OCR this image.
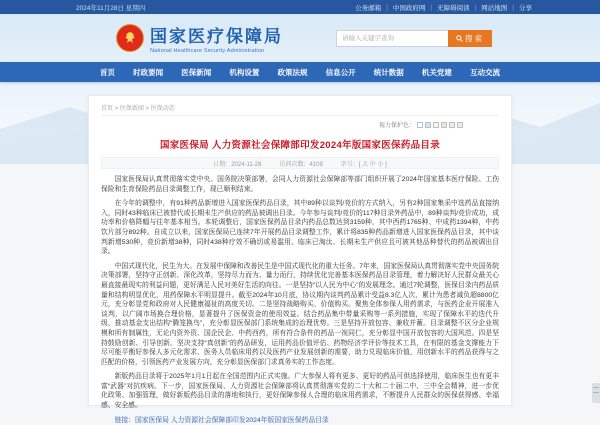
2024年11月28日 星期四	公务邮箱 | 中国政府网 | 无障碍阅读 | 网站地图 | 分享
★ 国家医疗保障局
National Healthcare Security Administration
请输入关键字查询
搜索
首页 时政要闻 医保新闻 机构设置 政策法规 信息公开 统计数据 机关党建 互动交流
首页 > 医保新闻 > 医保动态
视力保护色：
国家医保局 人力资源社会保障部印发2024年版国家医保药品目录
日期：2024-11-28	访问次数：4109	字号：[ 大 中 小 ]

国家医保局认真贯彻落实党中央、国务院决策部署，会同人力资源社会保障部等部门组织开展了2024年国家基本医疗保险、工伤保险和生育保险药品目录调整工作，现已顺利结束。

在今年的调整中，有91种药品新增进入国家医保药品目录，其中89种以谈判/竞价的方式纳入，另有2种国家集采中选药品直接纳入，同时43种临床已被替代或长期未生产供应的药品被调出目录。今年参与谈判/竞价的117种目录外药品中，89种谈判/竞价成功，成功率和价格降幅与往年基本相当。本轮调整后，国家医保药品目录内药品总数达到3159种，其中西药1765种、中成药1394种，中药饮片部分892种。自成立以来，国家医保局已连续7年开展药品目录调整工作，累计将835种药品新增进入国家医保药品目录，其中谈判新增530种，竞价新增38种，同时438种疗效不确切或易滥用、临床已淘汰、长期未生产供应且可被其他品种替代的药品被调出目录。

中国式现代化，民生为大。在发展中保障和改善民生是中国式现代化的重大任务。7年来，国家医保局认真贯彻落实党中央国务院决策部署，坚持守正创新、深化改革，坚持尽力而为、量力而行，持续优化完善基本医保药品目录管理，着力解决好人民群众最关心最直接最现实的利益问题，更好满足人民对美好生活的向往。一是坚持“以人民为中心”的发展理念。通过7轮调整，医保目录内药品质量和结构明显优化，用药保障水平明显提升。截至2024年10月底，协议期内谈判药品累计受益8.3亿人次，累计为患者减负超8800亿元，充分彰显党和政府对人民健康福祉的高度关切。二是坚持战略购买、价值购买。聚焦全体参保人用药需求，与医药企业开展准入谈判，以广阔市场换合理价格，显著提升了医保资金的使用效益。结合药品集中带量采购等一系列措施，实现了保障水平的迭代升级，推动基金支出结构“腾笼换鸟”，充分彰显医保部门系统集成的治理优势。三是坚持开放包容、兼收并蓄。目录调整不区分企业规模和所有制属性，无论内资外资、国企民企、中药西药，所有符合条件的药品一视同仁，充分彰显中国开放包容的大国风范。四是坚持鼓励创新、引导创新。坚决支持“真创新”的药品研发，运用药品价值评估、药物经济学评价等技术工具，在有限的基金支撑能力下尽可能平衡好参保人多元化需求、医务人员临床用药以及医药产业发展创新的需要，助力兑现临床价值，用创新水平的药品获得与之匹配的价格，引领医药产业发展方向，充分彰显医保部门求真务实的工作态度。

新版药品目录将于2025年1月1日起在全国范围内正式实施。广大参保人将有更多、更好的药品可供选择使用，临床医生也有更丰富“武器”对抗疾病。下一步，国家医保局、人力资源社会保障部将认真贯彻落实党的二十大和二十届二中、三中全会精神，进一步优化政策、加强管理，做好新版药品目录的落地和执行，更好保障参保人合理的临床用药需求，不断提升人民群众的医保获得感、幸福感、安全感。

链接：国家医保局 人力资源社会保障部印发2024年版国家医保药品目录
